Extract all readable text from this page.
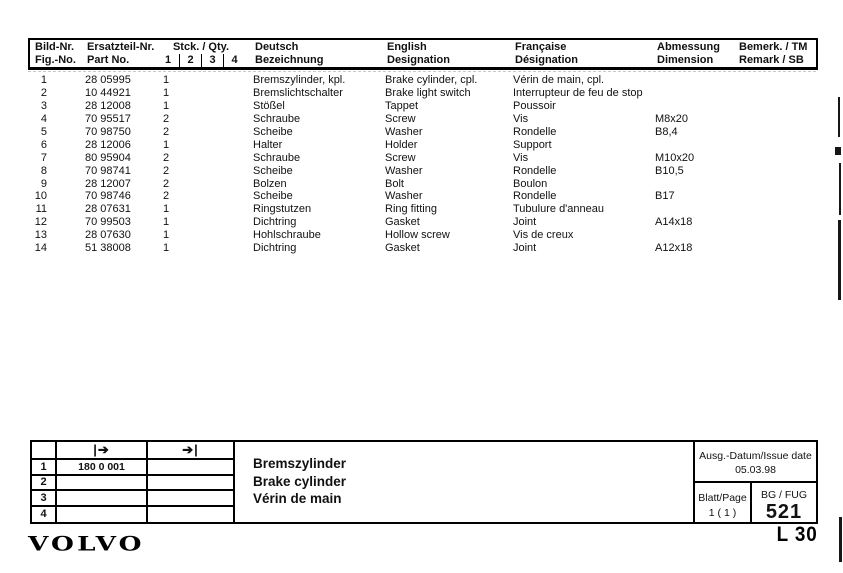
Bild-Nr.	Ersatzteil-Nr.	Stck. / Qty.	Deutsch	English	Française	Abmessung	Bemerk. / TM
Fig.-No.	Part No.	1	2	3	4	Bezeichnung	Designation	Désignation	Dimension	Remark / SB
1	28 05995	1	Bremszylinder, kpl.	Brake cylinder, cpl.	Vérin de main, cpl.
2	10 44921	1	Bremslichtschalter	Brake light switch	Interrupteur de feu de stop
3	28 12008	1	Stößel	Tappet	Poussoir
4	70 95517	2	Schraube	Screw	Vis	M8x20
5	70 98750	2	Scheibe	Washer	Rondelle	B8,4
6	28 12006	1	Halter	Holder	Support
7	80 95904	2	Schraube	Screw	Vis	M10x20
8	70 98741	2	Scheibe	Washer	Rondelle	B10,5
9	28 12007	2	Bolzen	Bolt	Boulon
10	70 98746	2	Scheibe	Washer	Rondelle	B17
11	28 07631	1	Ringstutzen	Ring fitting	Tubulure d'anneau
12	70 99503	1	Dichtring	Gasket	Joint	A14x18
13	28 07630	1	Hohlschraube	Hollow screw	Vis de creux
14	51 38008	1	Dichtring	Gasket	Joint	A12x18
|➔	➔|
1	180 0 001
2
3
4
Bremszylinder
Brake cylinder
Vérin de main
Ausg.-Datum/Issue date
05.03.98
Blatt/Page
1 ( 1 )
BG / FUG
521
VOLVO	L 30
